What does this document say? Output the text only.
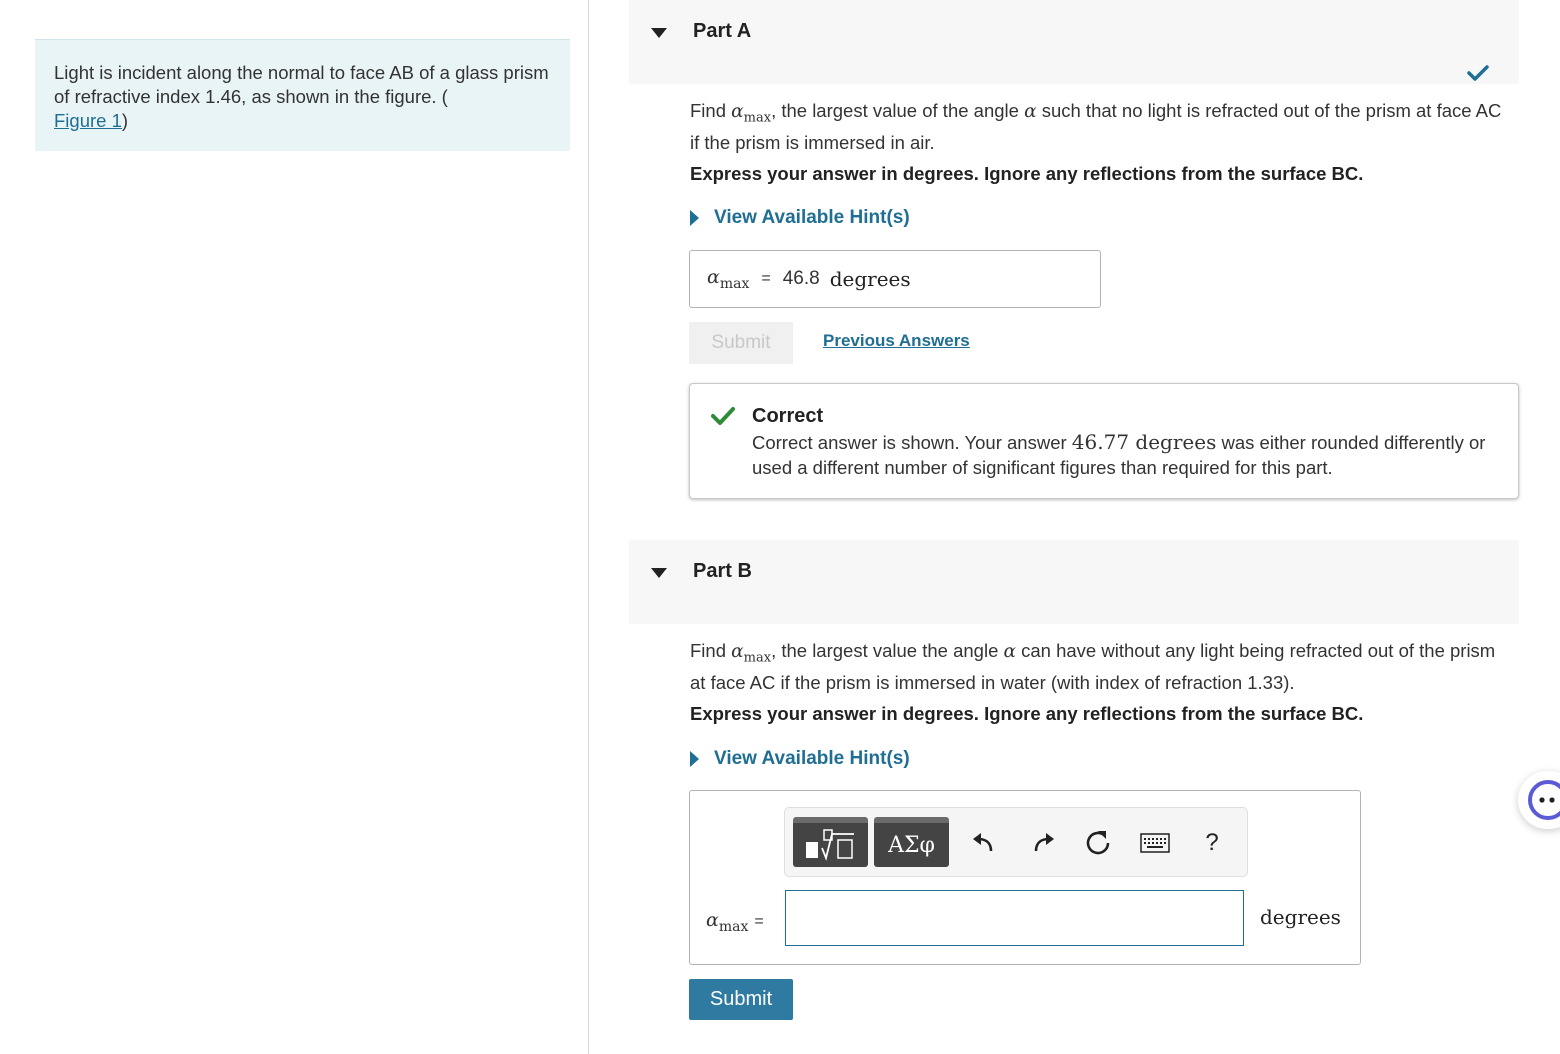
Light is incident along the normal to face AB of a glass prism of refractive index 1.46, as shown in the figure. (
Figure 1)
Part A
Find $\alpha_{max}$, the largest value of the angle α such that no light is refracted out of the prism at face AC if the prism is immersed in air.
Express your answer in degrees. Ignore any reflections from the surface BC.
View Available Hint(s)
$\alpha_{max} = 46.8$ degrees
Submit	Previous Answers
Correct
Correct answer is shown. Your answer 46.77 degrees was either rounded differently or used a different number of significant figures than required for this part.
Part B
Find $\alpha_{max}$, the largest value the angle α can have without any light being refracted out of the prism at face AC if the prism is immersed in water (with index of refraction 1.33).
Express your answer in degrees. Ignore any reflections from the surface BC.
View Available Hint(s)
ΑΣφ	?
$\alpha_{max}$ =	degrees
Submit
